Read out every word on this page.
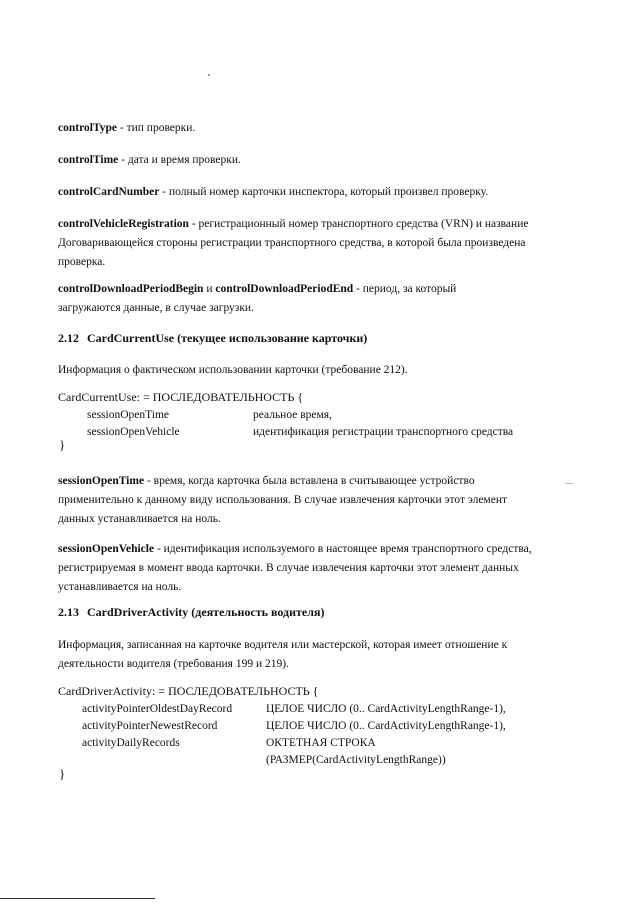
controlType - тип проверки.

controlTime - дата и время проверки.

controlCardNumber - полный номер карточки инспектора, который произвел проверку.

controlVehicleRegistration - регистрационный номер транспортного средства (VRN) и название Договаривающейся стороны регистрации транспортного средства, в которой была произведена проверка.

controlDownloadPeriodBegin и controlDownloadPeriodEnd - период, за который загружаются данные, в случае загрузки.

2.12 CardCurrentUse (текущее использование карточки)

Информация о фактическом использовании карточки (требование 212).

CardCurrentUse: = ПОСЛЕДОВАТЕЛЬНОСТЬ {

sessionOpenTime	реальное время,
sessionOpenVehicle	идентификация регистрации транспортного средства
}

sessionOpenTime - время, когда карточка была вставлена в считывающее устройство применительно к данному виду использования. В случае извлечения карточки этот элемент данных устанавливается на ноль.

sessionOpenVehicle - идентификация используемого в настоящее время транспортного средства, регистрируемая в момент ввода карточки. В случае извлечения карточки этот элемент данных устанавливается на ноль.

2.13 CardDriverActivity (деятельность водителя)

Информация, записанная на карточке водителя или мастерской, которая имеет отношение к деятельности водителя (требования 199 и 219).

CardDriverActivity: = ПОСЛЕДОВАТЕЛЬНОСТЬ {

activityPointerOldestDayRecord	ЦЕЛОЕ ЧИСЛО (0.. CardActivityLengthRange-1),
activityPointerNewestRecord	ЦЕЛОЕ ЧИСЛО (0.. CardActivityLengthRange-1),
activityDailyRecords	ОКТЕТНАЯ СТРОКА
(РАЗМЕР(CardActivityLengthRange))
}
